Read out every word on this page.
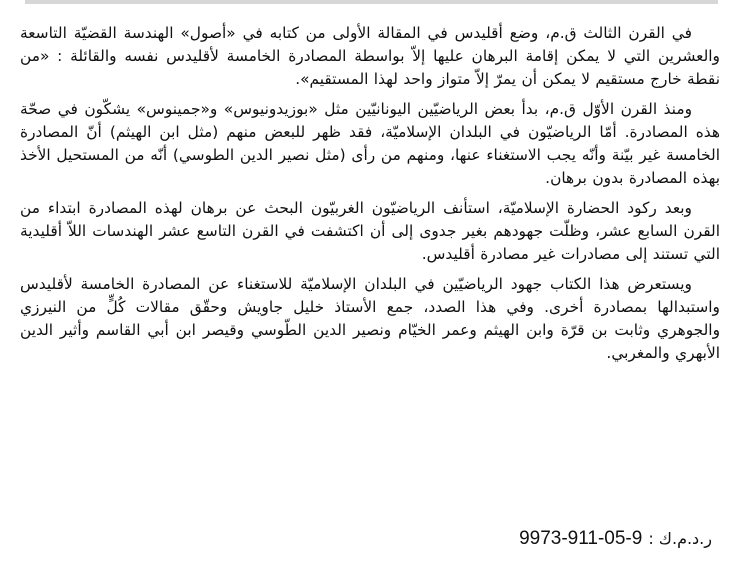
في القرن الثالث ق.م، وضع أقليدس في المقالة الأولى من كتابه في «أصول» الهندسة القضيّة التاسعة والعشرين التي لا يمكن إقامة البرهان عليها إلاّ بواسطة المصادرة الخامسة لأقليدس نفسه والقائلة : «من نقطة خارج مستقيم لا يمكن أن يمرّ إلاّ متواز واحد لهذا المستقيم».

ومنذ القرن الأوّل ق.م، بدأ بعض الرياضيّين اليونانيّين مثل «بوزيدونيوس» و«جمينوس» يشكّون في صحّة هذه المصادرة. أمّا الرياضيّون في البلدان الإسلاميّة، فقد ظهر للبعض منهم (مثل ابن الهيثم) أنّ المصادرة الخامسة غير بيّنة وأنّه يجب الاستغناء عنها، ومنهم من رأى (مثل نصير الدين الطوسي) أنّه من المستحيل الأخذ بهذه المصادرة بدون برهان.

وبعد ركود الحضارة الإسلاميّة، استأنف الرياضيّون الغربيّون البحث عن برهان لهذه المصادرة ابتداء من القرن السابع عشر، وظلّت جهودهم بغير جدوى إلى أن اكتشفت في القرن التاسع عشر الهندسات اللاّ أقليدية التي تستند إلى مصادرات غير مصادرة أقليدس.

ويستعرض هذا الكتاب جهود الرياضيّين في البلدان الإسلاميّة للاستغناء عن المصادرة الخامسة لأقليدس واستبدالها بمصادرة أخرى. وفي هذا الصدد، جمع الأستاذ خليل جاويش وحقّق مقالات كُلٍّ من النيرزي والجوهري وثابت بن قرّة وابن الهيثم وعمر الخيّام ونصير الدين الطّوسي وقيصر ابن أبي القاسم وأثير الدين الأبهري والمغربي.

9973-911-05-9 ر.د.م.ك :
